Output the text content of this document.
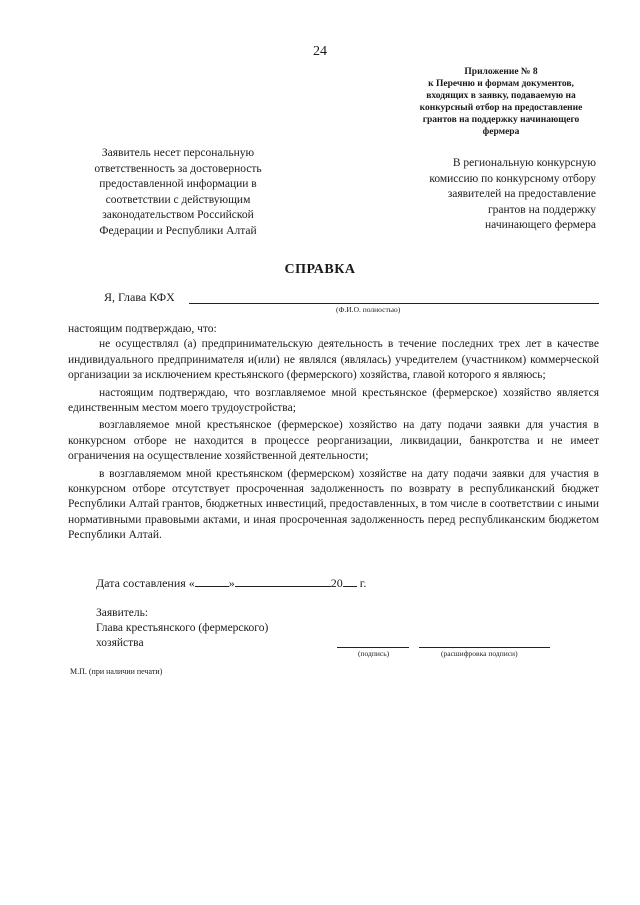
24
Приложение № 8
к Перечню и формам документов,
входящих в заявку, подаваемую на
конкурсный отбор на предоставление
грантов на поддержку начинающего
фермера
Заявитель несет персональную
ответственность за достоверность
предоставленной информации в
соответствии с действующим
законодательством Российской
Федерации и Республики Алтай
В региональную конкурсную
комиссию по конкурсному отбору
заявителей на предоставление
грантов на поддержку
начинающего фермера
СПРАВКА
Я, Глава КФХ
(Ф.И.О. полностью)

настоящим подтверждаю, что:

не осуществлял (а) предпринимательскую деятельность в течение последних трех лет в качестве индивидуального предпринимателя и(или) не являлся (являлась) учредителем (участником) коммерческой организации за исключением крестьянского (фермерского) хозяйства, главой которого я являюсь;

настоящим подтверждаю, что возглавляемое мной крестьянское (фермерское) хозяйство является единственным местом моего трудоустройства;

возглавляемое мной крестьянское (фермерское) хозяйство на дату подачи заявки для участия в конкурсном отборе не находится в процессе реорганизации, ликвидации, банкротства и не имеет ограничения на осуществление хозяйственной деятельности;

в возглавляемом мной крестьянском (фермерском) хозяйстве на дату подачи заявки для участия в конкурсном отборе отсутствует просроченная задолженность по возврату в республиканский бюджет Республики Алтай грантов, бюджетных инвестиций, предоставленных, в том числе в соответствии с иными нормативными правовыми актами, и иная просроченная задолженность перед республиканским бюджетом Республики Алтай.

Дата составления «	»	20 г.
Заявитель:
Глава крестьянского (фермерского)
хозяйства
(подпись)	(расшифровка подписи)
М.П. (при наличии печати)
